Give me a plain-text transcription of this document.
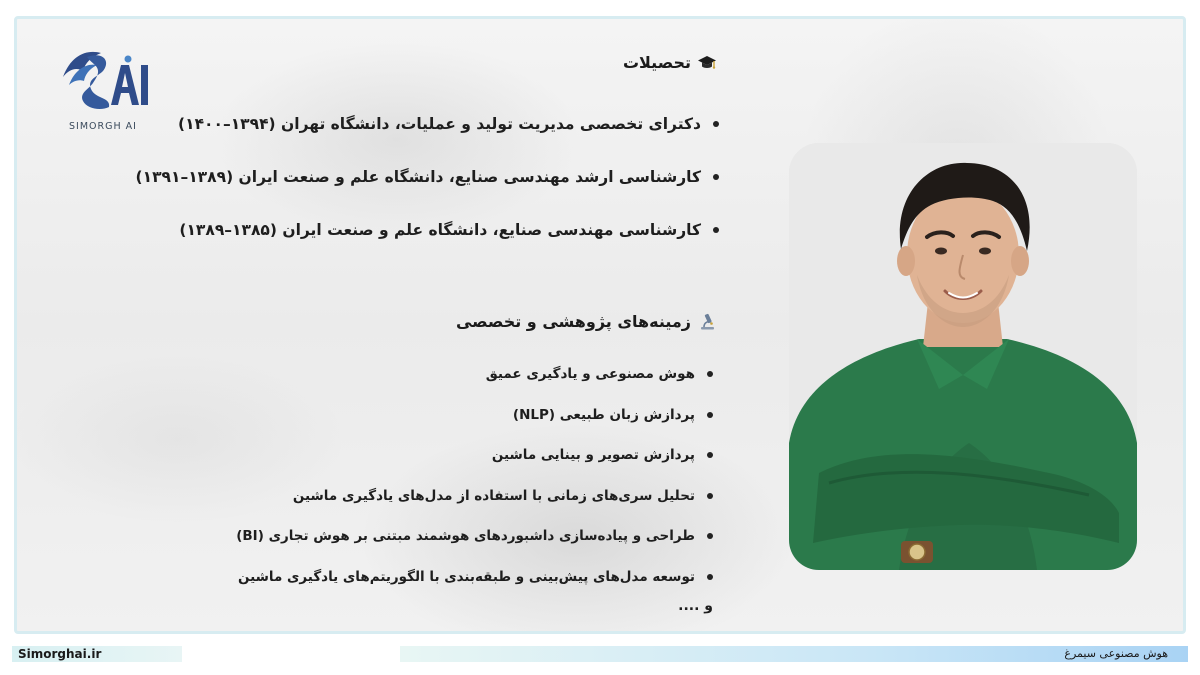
SIMORGH AI
تحصیلات
دکترای تخصصی مدیریت تولید و عملیات، دانشگاه تهران (۱۳۹۴–۱۴۰۰)
کارشناسی ارشد مهندسی صنایع، دانشگاه علم و صنعت ایران (۱۳۸۹–۱۳۹۱)
کارشناسی مهندسی صنایع، دانشگاه علم و صنعت ایران (۱۳۸۵–۱۳۸۹)
زمینه‌های پژوهشی و تخصصی
هوش مصنوعی و یادگیری عمیق
پردازش زبان طبیعی (NLP)
پردازش تصویر و بینایی ماشین
تحلیل سری‌های زمانی با استفاده از مدل‌های یادگیری ماشین
طراحی و پیاده‌سازی داشبوردهای هوشمند مبتنی بر هوش تجاری (BI)
توسعه مدل‌های پیش‌بینی و طبقه‌بندی با الگوریتم‌های یادگیری ماشین
و ....
Simorghai.ir	هوش مصنوعی سیمرغ
